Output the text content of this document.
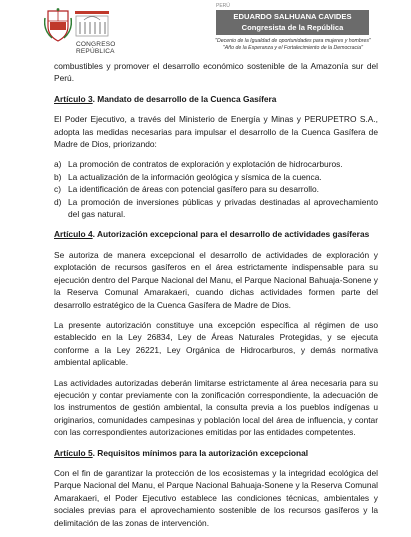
CONGRESO
REPÚBLICA
PERÚ
EDUARDO SALHUANA CAVIDES
Congresista de la República
"Decenio de la Igualdad de oportunidades para mujeres y hombres"
"Año de la Esperanza y el Fortalecimiento de la Democracia"

combustibles y promover el desarrollo económico sostenible de la Amazonía sur del Perú.

Artículo 3. Mandato de desarrollo de la Cuenca Gasífera

El Poder Ejecutivo, a través del Ministerio de Energía y Minas y PERUPETRO S.A., adopta las medidas necesarias para impulsar el desarrollo de la Cuenca Gasífera de Madre de Dios, priorizando:

a) La promoción de contratos de exploración y explotación de hidrocarburos.
b) La actualización de la información geológica y sísmica de la cuenca.
c) La identificación de áreas con potencial gasífero para su desarrollo.
d) La promoción de inversiones públicas y privadas destinadas al aprovechamiento del gas natural.

Artículo 4. Autorización excepcional para el desarrollo de actividades gasíferas

Se autoriza de manera excepcional el desarrollo de actividades de exploración y explotación de recursos gasíferos en el área estrictamente indispensable para su ejecución dentro del Parque Nacional del Manu, el Parque Nacional Bahuaja-Sonene y la Reserva Comunal Amarakaeri, cuando dichas actividades formen parte del desarrollo estratégico de la Cuenca Gasífera de Madre de Dios.

La presente autorización constituye una excepción específica al régimen de uso establecido en la Ley 26834, Ley de Áreas Naturales Protegidas, y se ejecuta conforme a la Ley 26221, Ley Orgánica de Hidrocarburos, y demás normativa ambiental aplicable.

Las actividades autorizadas deberán limitarse estrictamente al área necesaria para su ejecución y contar previamente con la zonificación correspondiente, la adecuación de los instrumentos de gestión ambiental, la consulta previa a los pueblos indígenas u originarios, comunidades campesinas y población local del área de influencia, y contar con las correspondientes autorizaciones emitidas por las entidades competentes.

Artículo 5. Requisitos mínimos para la autorización excepcional

Con el fin de garantizar la protección de los ecosistemas y la integridad ecológica del Parque Nacional del Manu, el Parque Nacional Bahuaja-Sonene y la Reserva Comunal Amarakaeri, el Poder Ejecutivo establece las condiciones técnicas, ambientales y sociales previas para el aprovechamiento sostenible de los recursos gasíferos y la delimitación de las zonas de intervención.
